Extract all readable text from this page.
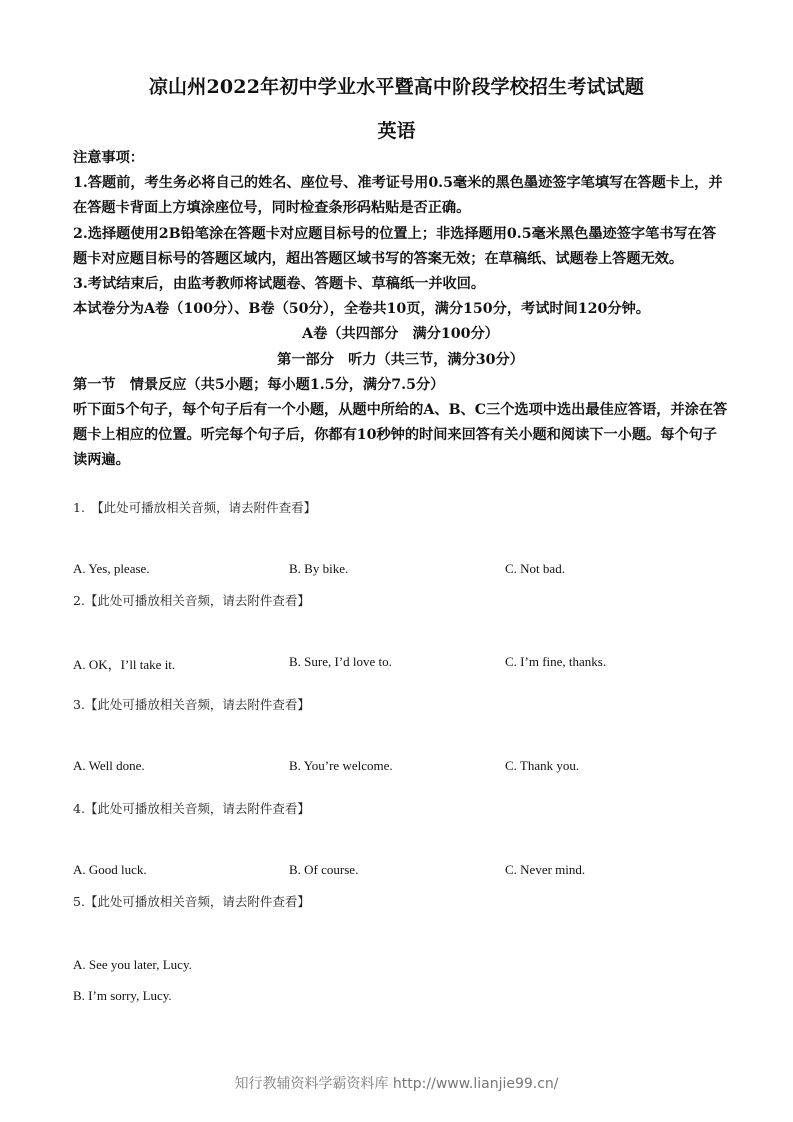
凉山州2022年初中学业水平暨高中阶段学校招生考试试题
英语

注意事项：

1.答题前，考生务必将自己的姓名、座位号、准考证号用0.5毫米的黑色墨迹签字笔填写在答题卡上，并在答题卡背面上方填涂座位号，同时检查条形码粘贴是否正确。

2.选择题使用2B铅笔涂在答题卡对应题目标号的位置上；非选择题用0.5毫米黑色墨迹签字笔书写在答题卡对应题目标号的答题区域内，超出答题区域书写的答案无效；在草稿纸、试题卷上答题无效。

3.考试结束后，由监考教师将试题卷、答题卡、草稿纸一并收回。

本试卷分为A卷（100分）、B卷（50分），全卷共10页，满分150分，考试时间120分钟。

A卷（共四部分　满分100分）

第一部分　听力（共三节，满分30分）

第一节　情景反应（共5小题；每小题1.5分，满分7.5分）

听下面5个句子，每个句子后有一个小题，从题中所给的A、B、C三个选项中选出最佳应答语，并涂在答题卡上相应的位置。听完每个句子后，你都有10秒钟的时间来回答有关小题和阅读下一小题。每个句子读两遍。

1.　【此处可播放相关音频，请去附件查看】
A. Yes, please.	B. By bike.	C. Not bad.
2.【此处可播放相关音频，请去附件查看】
A. OK，I’ll take it.	B. Sure, I’d love to.	C. I’m fine, thanks.
3.【此处可播放相关音频，请去附件查看】
A. Well done.	B. You’re welcome.	C. Thank you.
4.【此处可播放相关音频，请去附件查看】
A. Good luck.	B. Of course.	C. Never mind.
5.【此处可播放相关音频，请去附件查看】
A. See you later, Lucy.
B. I’m sorry, Lucy.
知行教辅资料学霸资料库 http://www.lianjie99.cn/
